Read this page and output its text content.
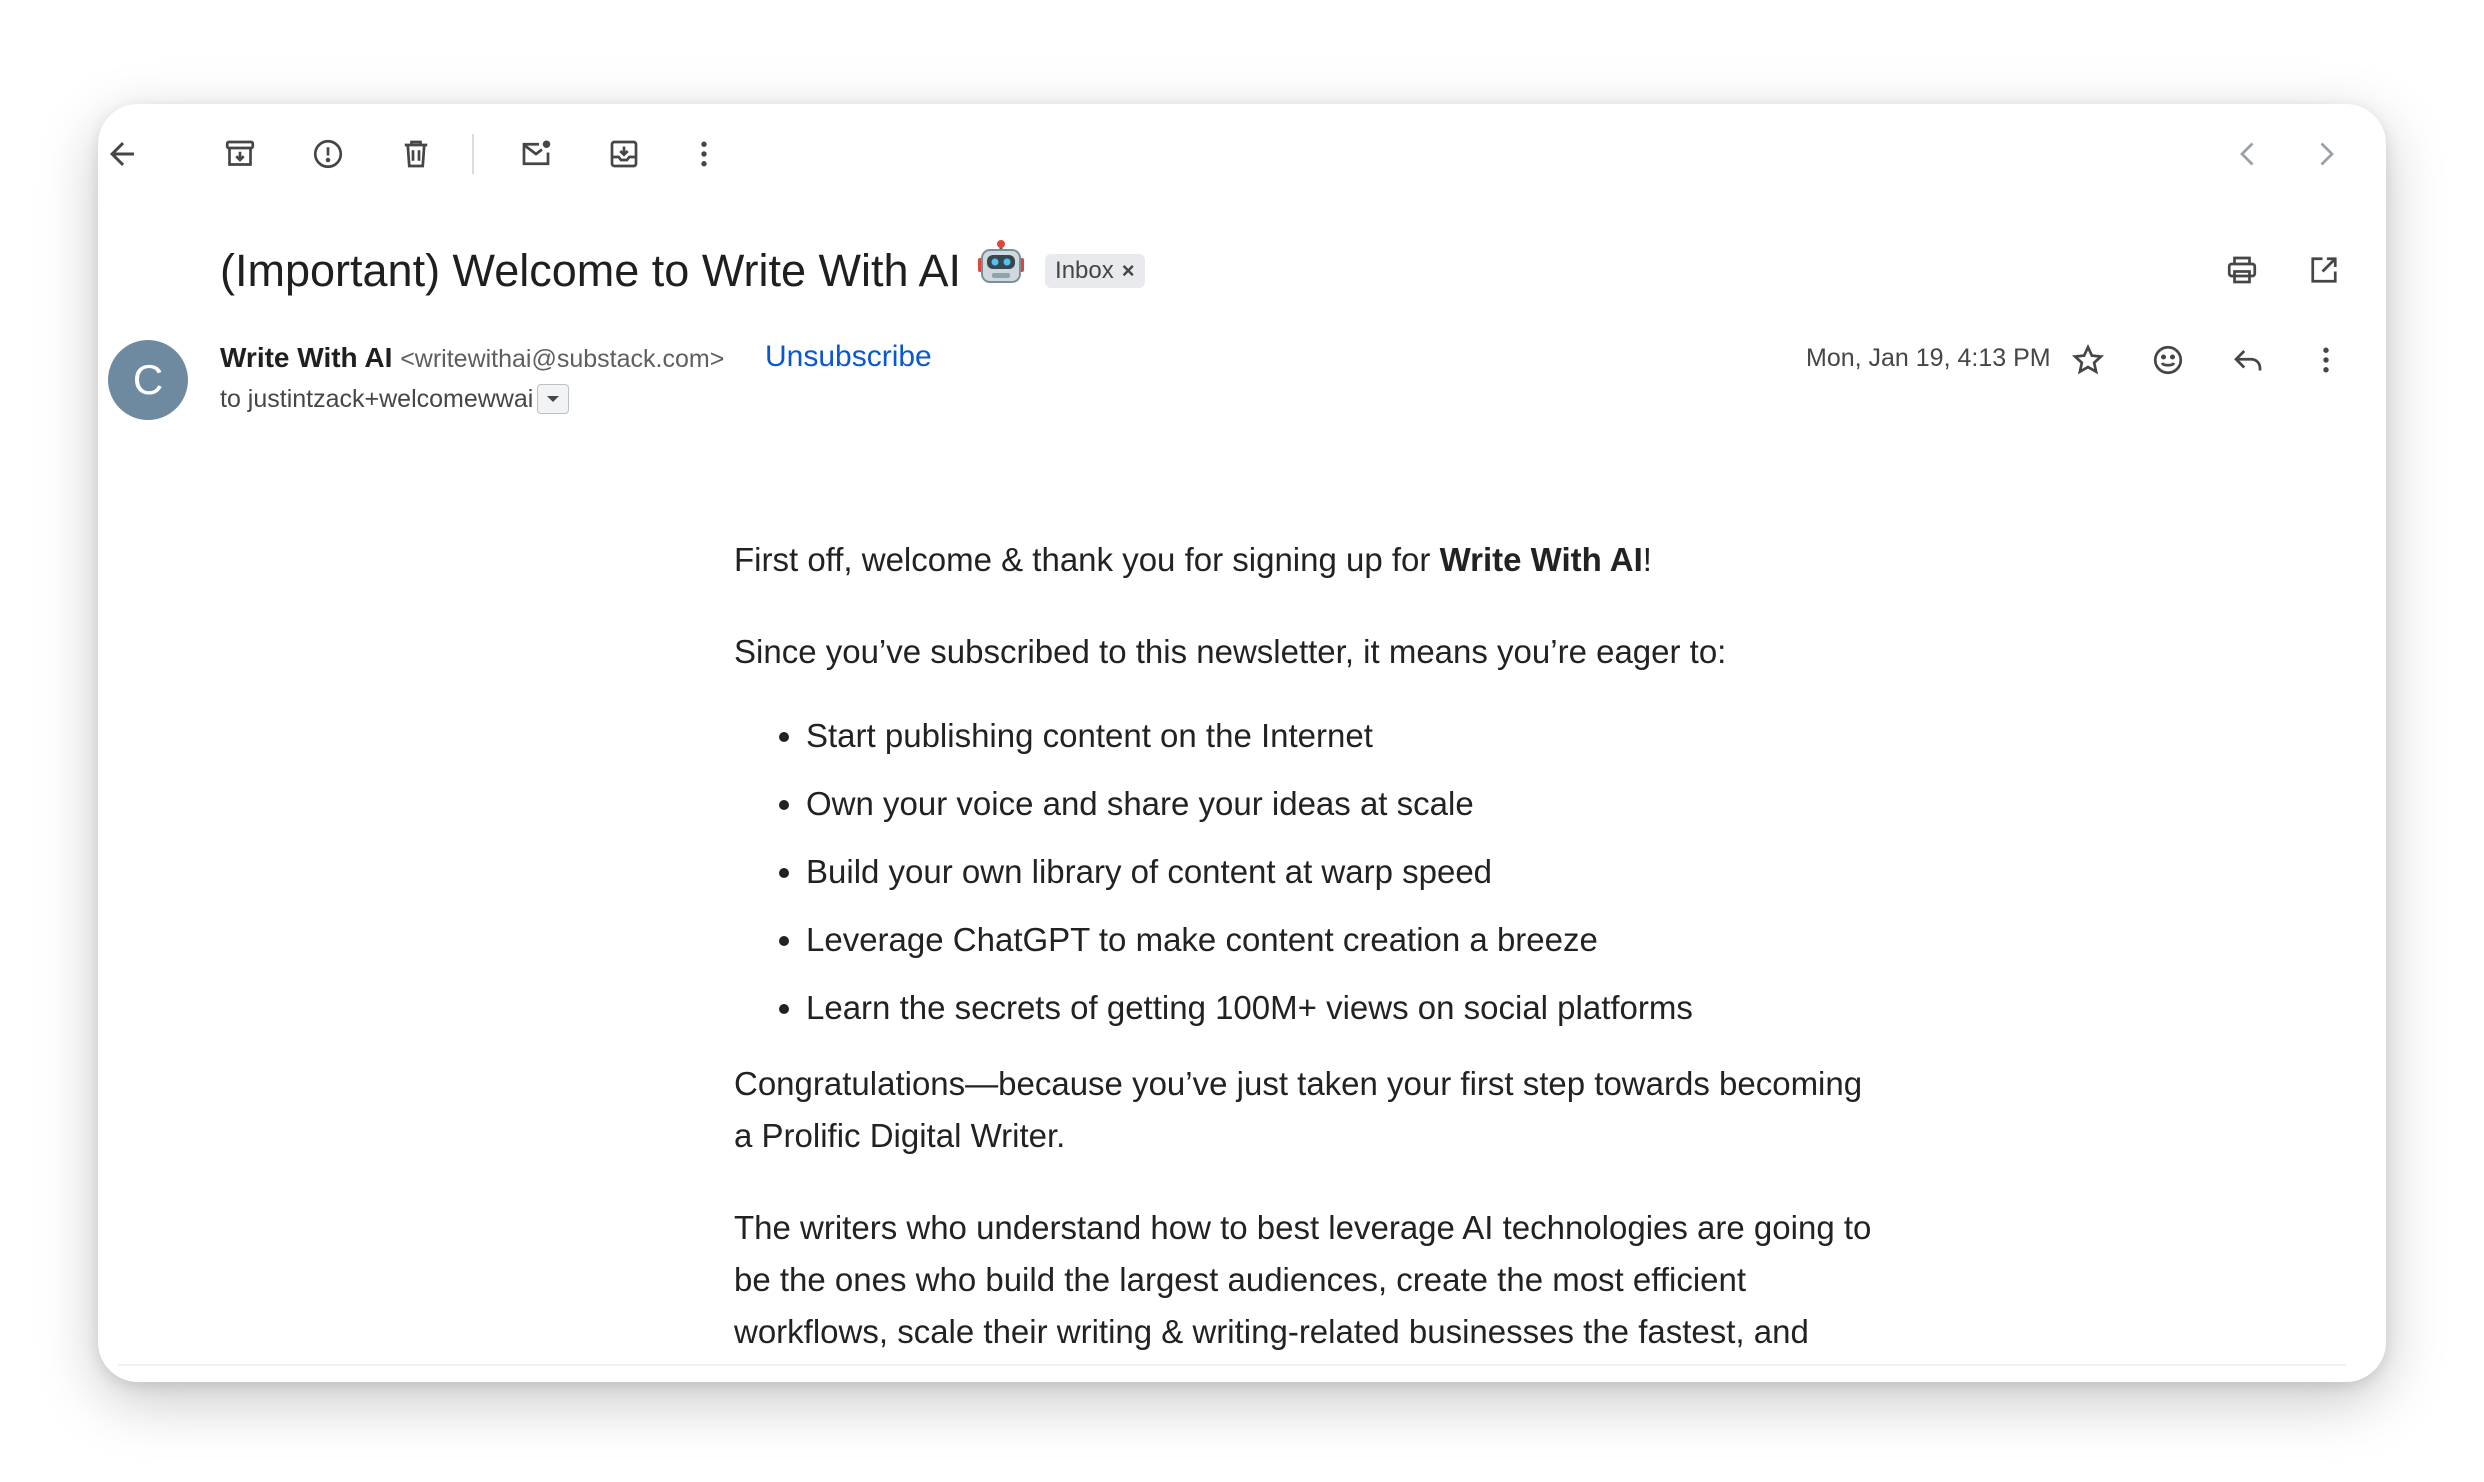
(Important) Welcome to Write With AI	Inbox ×
C	Write With AI <writewithai@substack.com> Unsubscribe
to justintzack+welcomewwai
Mon, Jan 19, 4:13 PM

First off, welcome & thank you for signing up for Write With AI!

Since you’ve subscribed to this newsletter, it means you’re eager to:

• Start publishing content on the Internet
• Own your voice and share your ideas at scale
• Build your own library of content at warp speed
• Leverage ChatGPT to make content creation a breeze
• Learn the secrets of getting 100M+ views on social platforms

Congratulations—because you’ve just taken your first step towards becoming a Prolific Digital Writer.

The writers who understand how to best leverage AI technologies are going to be the ones who build the largest audiences, create the most efficient workflows, scale their writing & writing-related businesses the fastest, and
